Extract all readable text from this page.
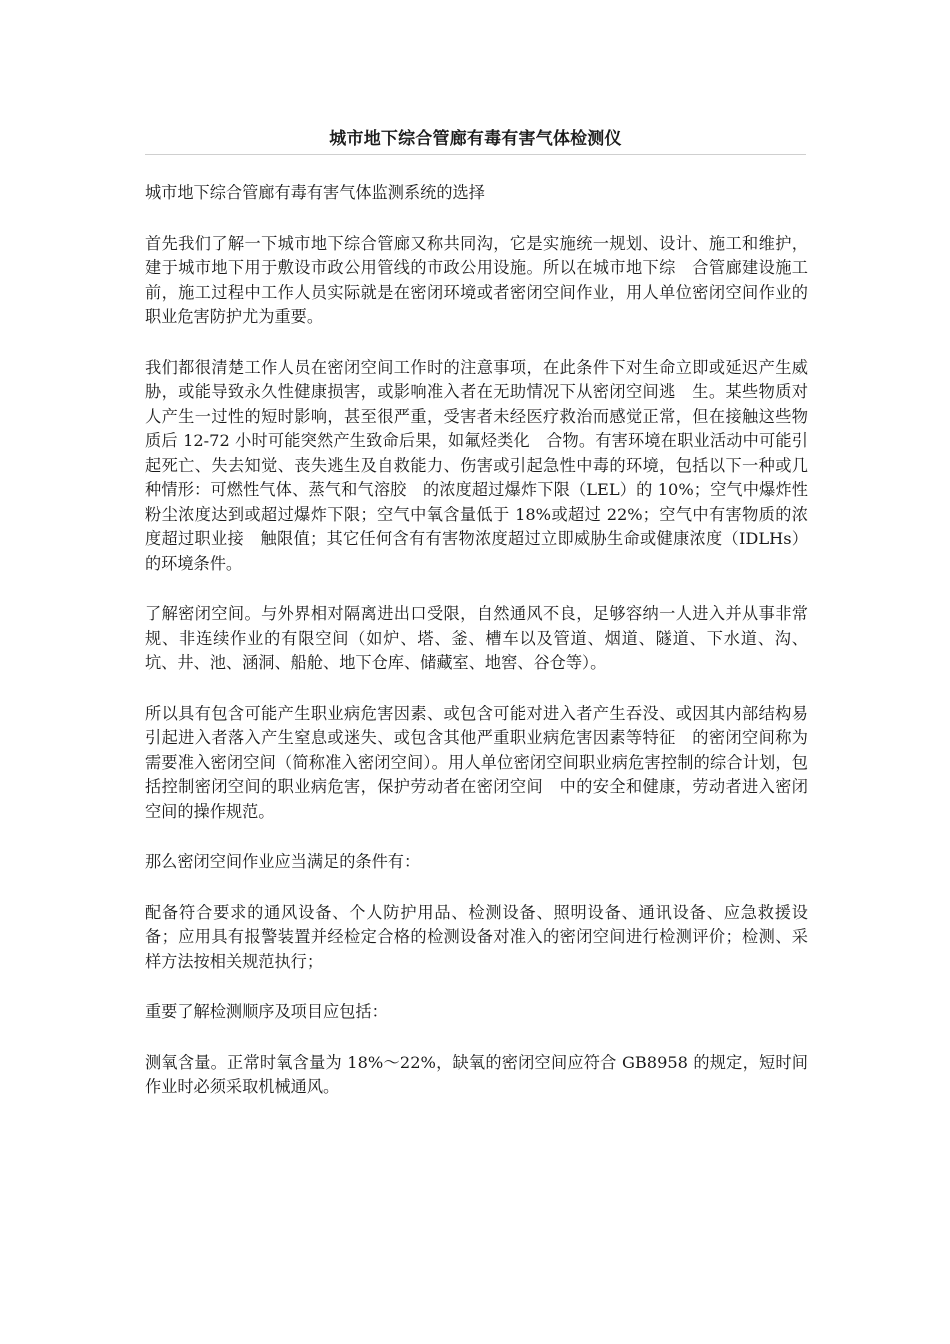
城市地下综合管廊有毒有害气体检测仪

城市地下综合管廊有毒有害气体监测系统的选择

首先我们了解一下城市地下综合管廊又称共同沟，它是实施统一规划、设计、施工和维护，建于城市地下用于敷设市政公用管线的市政公用设施。所以在城市地下综　合管廊建设施工前，施工过程中工作人员实际就是在密闭环境或者密闭空间作业，用人单位密闭空间作业的职业危害防护尤为重要。

我们都很清楚工作人员在密闭空间工作时的注意事项，在此条件下对生命立即或延迟产生威胁，或能导致永久性健康损害，或影响准入者在无助情况下从密闭空间逃　生。某些物质对人产生一过性的短时影响，甚至很严重，受害者未经医疗救治而感觉正常，但在接触这些物质后 12-72 小时可能突然产生致命后果，如氟烃类化　合物。有害环境在职业活动中可能引起死亡、失去知觉、丧失逃生及自救能力、伤害或引起急性中毒的环境，包括以下一种或几种情形：可燃性气体、蒸气和气溶胶　的浓度超过爆炸下限（LEL）的 10%；空气中爆炸性粉尘浓度达到或超过爆炸下限；空气中氧含量低于 18%或超过 22%；空气中有害物质的浓度超过职业接　触限值；其它任何含有有害物浓度超过立即威胁生命或健康浓度（IDLHs）的环境条件。

了解密闭空间。与外界相对隔离进出口受限，自然通风不良，足够容纳一人进入并从事非常规、非连续作业的有限空间（如炉、塔、釜、槽车以及管道、烟道、隧道、下水道、沟、坑、井、池、涵洞、船舱、地下仓库、储藏室、地窖、谷仓等）。

所以具有包含可能产生职业病危害因素、或包含可能对进入者产生吞没、或因其内部结构易引起进入者落入产生窒息或迷失、或包含其他严重职业病危害因素等特征　的密闭空间称为需要准入密闭空间（简称准入密闭空间）。用人单位密闭空间职业病危害控制的综合计划，包括控制密闭空间的职业病危害，保护劳动者在密闭空间　中的安全和健康，劳动者进入密闭空间的操作规范。

那么密闭空间作业应当满足的条件有：

配备符合要求的通风设备、个人防护用品、检测设备、照明设备、通讯设备、应急救援设备；应用具有报警装置并经检定合格的检测设备对准入的密闭空间进行检测评价；检测、采样方法按相关规范执行；

重要了解检测顺序及项目应包括：

测氧含量。正常时氧含量为 18%～22%，缺氧的密闭空间应符合 GB8958 的规定，短时间作业时必须采取机械通风。
